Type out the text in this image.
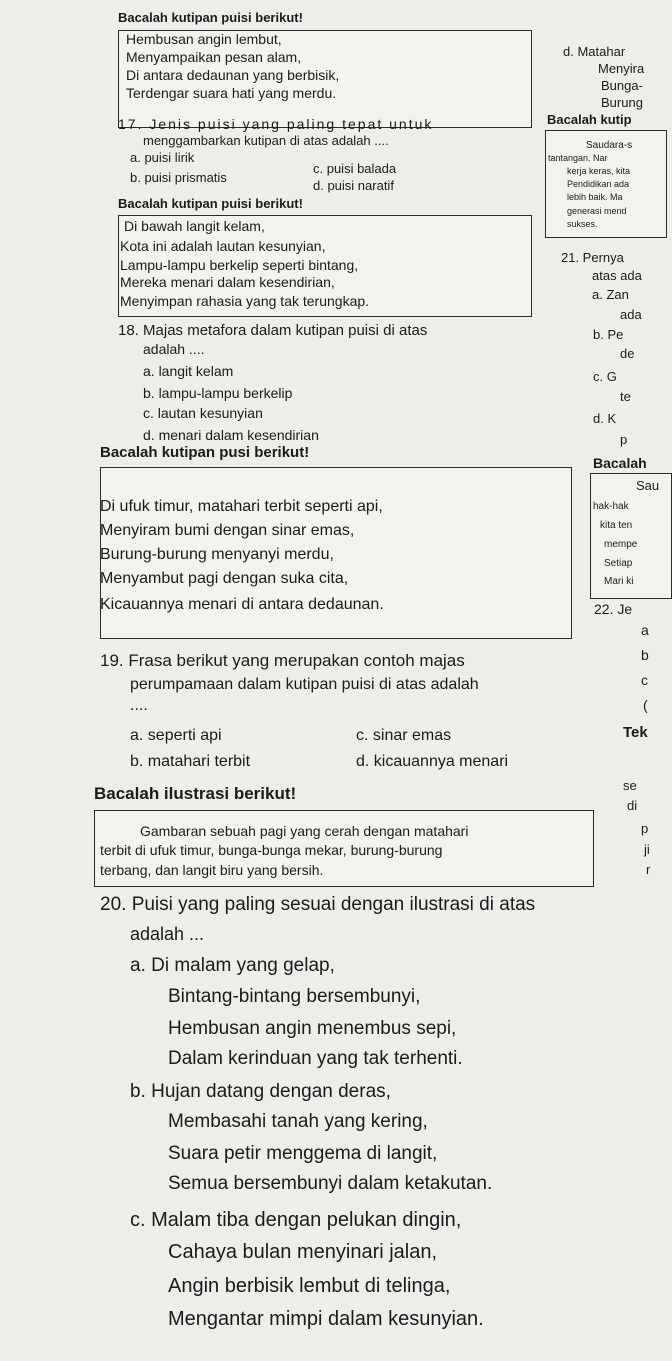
Bacalah kutipan puisi berikut!
Hembusan angin lembut,
Menyampaikan pesan alam,
Di antara dedaunan yang berbisik,
Terdengar suara hati yang merdu.
17. Jenis puisi yang paling tepat untuk
menggambarkan kutipan di atas adalah ....
a. puisi lirik
b. puisi prismatis
c. puisi balada
d. puisi naratif
Bacalah kutipan puisi berikut!
Di bawah langit kelam,
Kota ini adalah lautan kesunyian,
Lampu-lampu berkelip seperti bintang,
Mereka menari dalam kesendirian,
Menyimpan rahasia yang tak terungkap.
18. Majas metafora dalam kutipan puisi di atas
adalah ....
a. langit kelam
b. lampu-lampu berkelip
c. lautan kesunyian
d. menari dalam kesendirian
Bacalah kutipan pusi berikut!
Di ufuk timur, matahari terbit seperti api,
Menyiram bumi dengan sinar emas,
Burung-burung menyanyi merdu,
Menyambut pagi dengan suka cita,
Kicauannya menari di antara dedaunan.
19. Frasa berikut yang merupakan contoh majas
perumpamaan dalam kutipan puisi di atas adalah
....
a. seperti api
b. matahari terbit
c. sinar emas
d. kicauannya menari
Bacalah ilustrasi berikut!
Gambaran sebuah pagi yang cerah dengan matahari
terbit di ufuk timur, bunga-bunga mekar, burung-burung
terbang, dan langit biru yang bersih.
20. Puisi yang paling sesuai dengan ilustrasi di atas
adalah ...
a. Di malam yang gelap,
Bintang-bintang bersembunyi,
Hembusan angin menembus sepi,
Dalam kerinduan yang tak terhenti.
b. Hujan datang dengan deras,
Membasahi tanah yang kering,
Suara petir menggema di langit,
Semua bersembunyi dalam ketakutan.
c. Malam tiba dengan pelukan dingin,
Cahaya bulan menyinari jalan,
Angin berbisik lembut di telinga,
Mengantar mimpi dalam kesunyian.
d. Matahar
Menyira
Bunga-
Burung
Bacalah kutip
Saudara-s
tantangan. Nar
kerja keras, kita
Pendidikan ada
lebih baik. Ma
generasi mend
sukses.
21. Pernya
atas ada
a. Zan
ada
b. Pe
de
c. G
te
d. K
p
Bacalah
Sau
hak-hak
kita ten
mempe
Setiap
Mari ki
22. Je
a
b
c
(
Tek
se
di
p
ji
r
